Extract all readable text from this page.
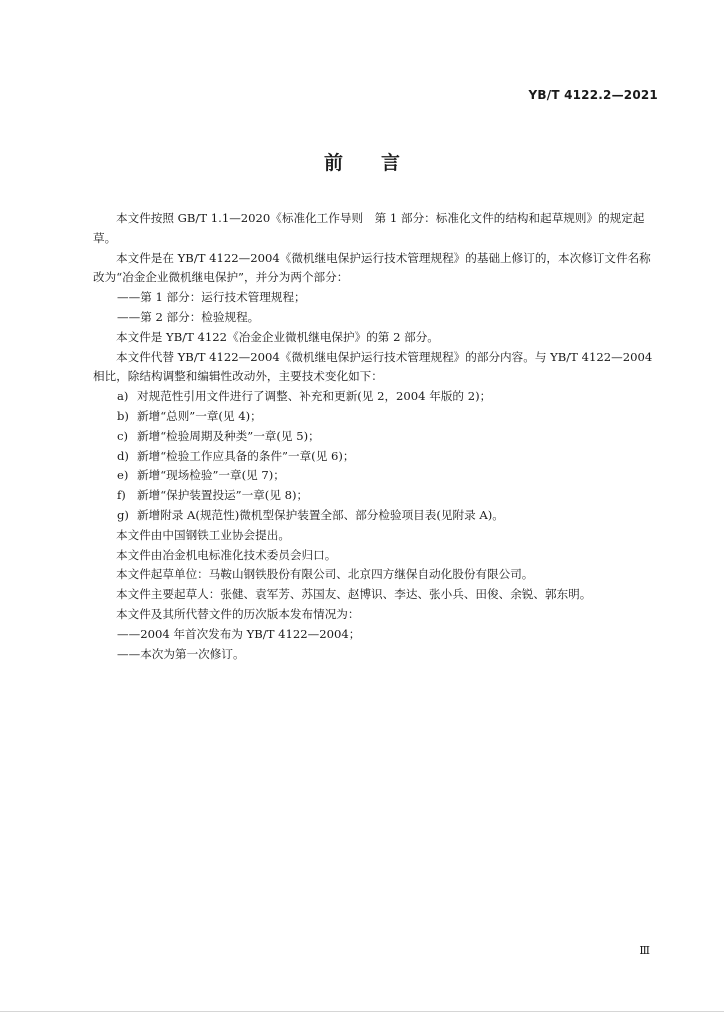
YB/T 4122.2—2021
前　　言

本文件按照 GB/T 1.1—2020《标准化工作导则　第 1 部分：标准化文件的结构和起草规则》的规定起草。

本文件是在 YB/T 4122—2004《微机继电保护运行技术管理规程》的基础上修订的，本次修订文件名称改为“冶金企业微机继电保护”，并分为两个部分：

——第 1 部分：运行技术管理规程；

——第 2 部分：检验规程。

本文件是 YB/T 4122《冶金企业微机继电保护》的第 2 部分。

本文件代替 YB/T 4122—2004《微机继电保护运行技术管理规程》的部分内容。与 YB/T 4122—2004 相比，除结构调整和编辑性改动外，主要技术变化如下：

a) 对规范性引用文件进行了调整、补充和更新(见 2，2004 年版的 2)；
b) 新增“总则”一章(见 4)；
c) 新增“检验周期及种类”一章(见 5)；
d) 新增“检验工作应具备的条件”一章(见 6)；
e) 新增“现场检验”一章(见 7)；
f) 新增“保护装置投运”一章(见 8)；
g) 新增附录 A(规范性)微机型保护装置全部、部分检验项目表(见附录 A)。

本文件由中国钢铁工业协会提出。

本文件由冶金机电标准化技术委员会归口。

本文件起草单位：马鞍山钢铁股份有限公司、北京四方继保自动化股份有限公司。

本文件主要起草人：张健、袁军芳、苏国友、赵博识、李达、张小兵、田俊、余锐、郭东明。

本文件及其所代替文件的历次版本发布情况为：

——2004 年首次发布为 YB/T 4122—2004；

——本次为第一次修订。

Ⅲ
